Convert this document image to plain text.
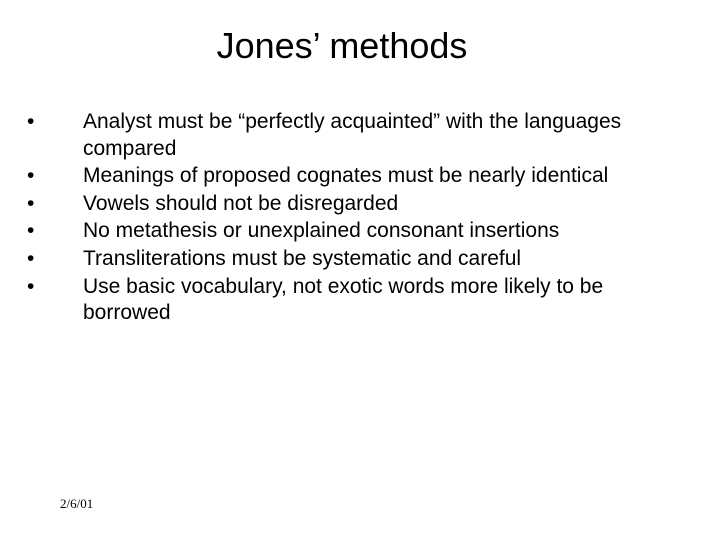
Jones’ methods
•	Analyst must be “perfectly acquainted” with the languages compared
•	Meanings of proposed cognates must be nearly identical
•	Vowels should not be disregarded
•	No metathesis or unexplained consonant insertions
•	Transliterations must be systematic and careful
•	Use basic vocabulary, not exotic words more likely to be borrowed
2/6/01
